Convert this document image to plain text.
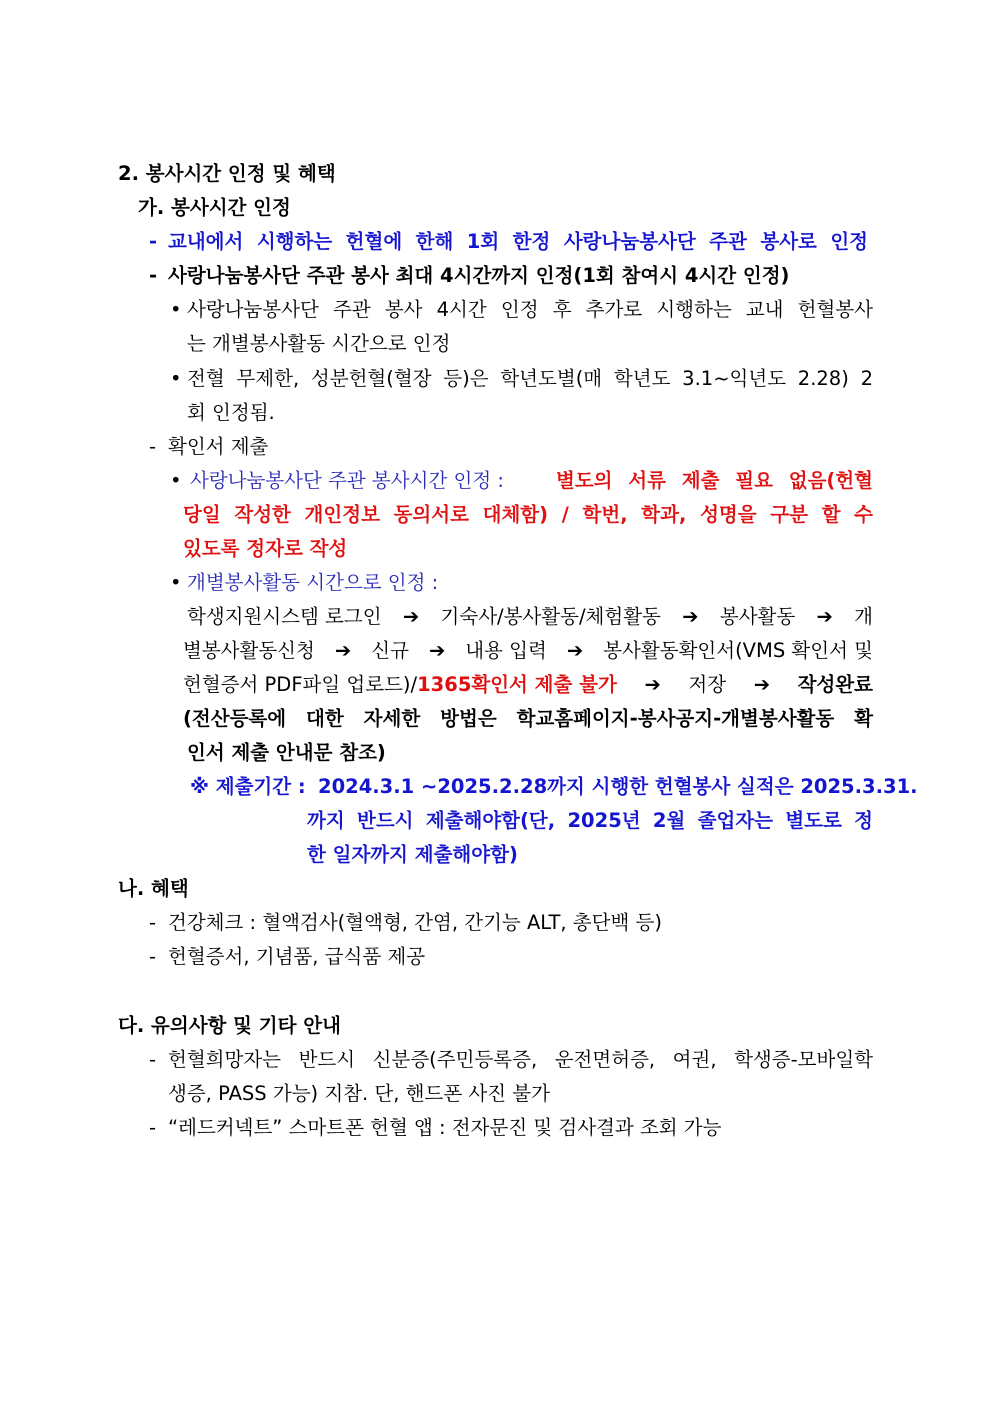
2. 봉사시간 인정 및 혜택
가. 봉사시간 인정
- 교내에서 시행하는 헌혈에 한해 1회 한정 사랑나눔봉사단 주관 봉사로 인정
- 사랑나눔봉사단 주관 봉사 최대 4시간까지 인정(1회 참여시 4시간 인정)
• 사랑나눔봉사단 주관 봉사 4시간 인정 후 추가로 시행하는 교내 헌혈봉사
는 개별봉사활동 시간으로 인정
• 전혈 무제한, 성분헌혈(혈장 등)은 학년도별(매 학년도 3.1~익년도 2.28) 2
회 인정됨.
- 확인서 제출
• 사랑나눔봉사단 주관 봉사시간 인정 :	별도의 서류 제출 필요 없음(헌혈
당일 작성한 개인정보 동의서로 대체함) / 학번, 학과, 성명을 구분 할 수
있도록 정자로 작성
• 개별봉사활동 시간으로 인정 :
학생지원시스템 로그인 ➔ 기숙사/봉사활동/체험활동 ➔ 봉사활동 ➔ 개
별봉사활동신청 ➔ 신규 ➔ 내용 입력 ➔ 봉사활동확인서(VMS 확인서 및
헌혈증서 PDF파일 업로드)/1365확인서 제출 불가 ➔ 저장 ➔ 작성완료
(전산등록에 대한 자세한 방법은 학교홈페이지-봉사공지-개별봉사활동 확
인서 제출 안내문 참조)
※ 제출기간 : 2024.3.1 ~2025.2.28까지 시행한 헌혈봉사 실적은 2025.3.31.
까지 반드시 제출해야함(단, 2025년 2월 졸업자는 별도로 정
한 일자까지 제출해야함)
나. 혜택
- 건강체크 : 혈액검사(혈액형, 간염, 간기능 ALT, 총단백 등)
- 헌혈증서, 기념품, 급식품 제공
다. 유의사항 및 기타 안내
- 헌혈희망자는 반드시 신분증(주민등록증, 운전면허증, 여권, 학생증-모바일학
생증, PASS 가능) 지참. 단, 핸드폰 사진 불가
- “레드커넥트” 스마트폰 헌혈 앱 : 전자문진 및 검사결과 조회 가능
